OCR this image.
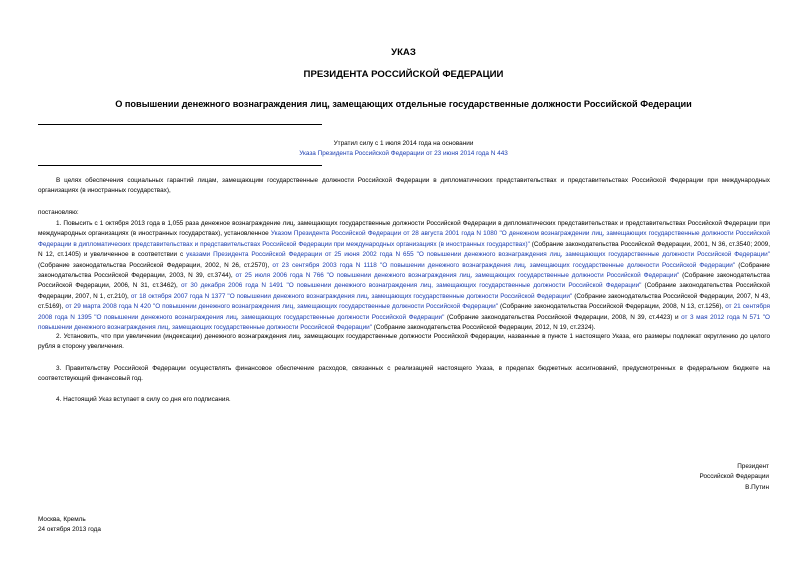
УКАЗ
ПРЕЗИДЕНТА РОССИЙСКОЙ ФЕДЕРАЦИИ
О повышении денежного вознаграждения лиц, замещающих отдельные государственные должности Российской Федерации
Утратил силу с 1 июля 2014 года на основании
Указа Президента Российской Федерации от 23 июня 2014 года N 443
В целях обеспечения социальных гарантий лицам, замещающим государственные должности Российской Федерации в дипломатических представительствах и представительствах Российской Федерации при международных организациях (в иностранных государствах),
постановляю:
1. Повысить с 1 октября 2013 года в 1,055 раза денежное вознаграждение лиц, замещающих государственные должности Российской Федерации в дипломатических представительствах и представительствах Российской Федерации при международных организациях (в иностранных государствах), установленное Указом Президента Российской Федерации от 28 августа 2001 года N 1080 "О денежном вознаграждении лиц, замещающих государственные должности Российской Федерации в дипломатических представительствах и представительствах Российской Федерации при международных организациях (в иностранных государствах)" (Собрание законодательства Российской Федерации, 2001, N 36, ст.3540; 2009, N 12, ст.1405) и увеличенное в соответствии с указами Президента Российской Федерации от 25 июня 2002 года N 655 "О повышении денежного вознаграждения лиц, замещающих государственные должности Российской Федерации" (Собрание законодательства Российской Федерации, 2002, N 26, ст.2570), от 23 сентября 2003 года N 1118 "О повышении денежного вознаграждения лиц, замещающих государственные должности Российской Федерации" (Собрание законодательства Российской Федерации, 2003, N 39, ст.3744), от 25 июля 2006 года N 766 "О повышении денежного вознаграждения лиц, замещающих государственные должности Российской Федерации" (Собрание законодательства Российской Федерации, 2006, N 31, ст.3462), от 30 декабря 2006 года N 1491 "О повышении денежного вознаграждения лиц, замещающих государственные должности Российской Федерации" (Собрание законодательства Российской Федерации, 2007, N 1, ст.210), от 18 октября 2007 года N 1377 "О повышении денежного вознаграждения лиц, замещающих государственные должности Российской Федерации" (Собрание законодательства Российской Федерации, 2007, N 43, ст.5169), от 29 марта 2008 года N 420 "О повышении денежного вознаграждения лиц, замещающих государственные должности Российской Федерации" (Собрание законодательства Российской Федерации, 2008, N 13, ст.1256), от 21 сентября 2008 года N 1395 "О повышении денежного вознаграждения лиц, замещающих государственные должности Российской Федерации" (Собрание законодательства Российской Федерации, 2008, N 39, ст.4423) и от 3 мая 2012 года N 571 "О повышении денежного вознаграждения лиц, замещающих государственные должности Российской Федерации" (Собрание законодательства Российской Федерации, 2012, N 19, ст.2324).
2. Установить, что при увеличении (индексации) денежного вознаграждения лиц, замещающих государственные должности Российской Федерации, названные в пункте 1 настоящего Указа, его размеры подлежат округлению до целого рубля в сторону увеличения.
3. Правительству Российской Федерации осуществлять финансовое обеспечение расходов, связанных с реализацией настоящего Указа, в пределах бюджетных ассигнований, предусмотренных в федеральном бюджете на соответствующий финансовый год.
4. Настоящий Указ вступает в силу со дня его подписания.
Президент
Российской Федерации
В.Путин
Москва, Кремль
24 октября 2013 года
